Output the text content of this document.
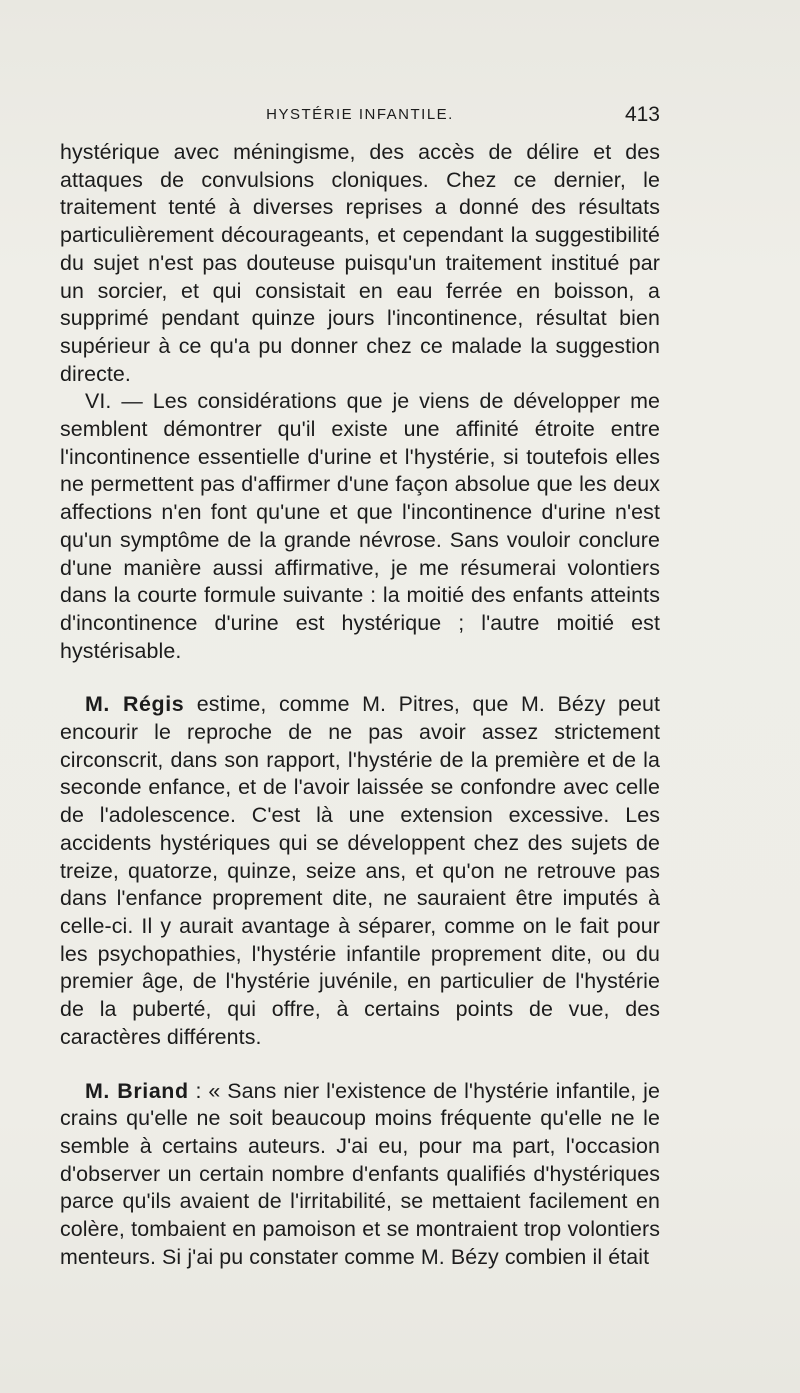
HYSTÉRIE INFANTILE.	413

hystérique avec méningisme, des accès de délire et des attaques de convulsions cloniques. Chez ce dernier, le traitement tenté à diverses reprises a donné des résultats particulièrement décourageants, et cependant la suggestibilité du sujet n'est pas douteuse puisqu'un traitement institué par un sorcier, et qui consistait en eau ferrée en boisson, a supprimé pendant quinze jours l'incontinence, résultat bien supérieur à ce qu'a pu donner chez ce malade la suggestion directe.

VI. — Les considérations que je viens de développer me semblent démontrer qu'il existe une affinité étroite entre l'incontinence essentielle d'urine et l'hystérie, si toutefois elles ne permettent pas d'affirmer d'une façon absolue que les deux affections n'en font qu'une et que l'incontinence d'urine n'est qu'un symptôme de la grande névrose. Sans vouloir conclure d'une manière aussi affirmative, je me résumerai volontiers dans la courte formule suivante : la moitié des enfants atteints d'incontinence d'urine est hystérique ; l'autre moitié est hystérisable.

M. Régis estime, comme M. Pitres, que M. Bézy peut encourir le reproche de ne pas avoir assez strictement circonscrit, dans son rapport, l'hystérie de la première et de la seconde enfance, et de l'avoir laissée se confondre avec celle de l'adolescence. C'est là une extension excessive. Les accidents hystériques qui se développent chez des sujets de treize, quatorze, quinze, seize ans, et qu'on ne retrouve pas dans l'enfance proprement dite, ne sauraient être imputés à celle-ci. Il y aurait avantage à séparer, comme on le fait pour les psychopathies, l'hystérie infantile proprement dite, ou du premier âge, de l'hystérie juvénile, en particulier de l'hystérie de la puberté, qui offre, à certains points de vue, des caractères différents.

M. Briand : « Sans nier l'existence de l'hystérie infantile, je crains qu'elle ne soit beaucoup moins fréquente qu'elle ne le semble à certains auteurs. J'ai eu, pour ma part, l'occasion d'observer un certain nombre d'enfants qualifiés d'hystériques parce qu'ils avaient de l'irritabilité, se mettaient facilement en colère, tombaient en pamoison et se montraient trop volontiers menteurs. Si j'ai pu constater comme M. Bézy combien il était
